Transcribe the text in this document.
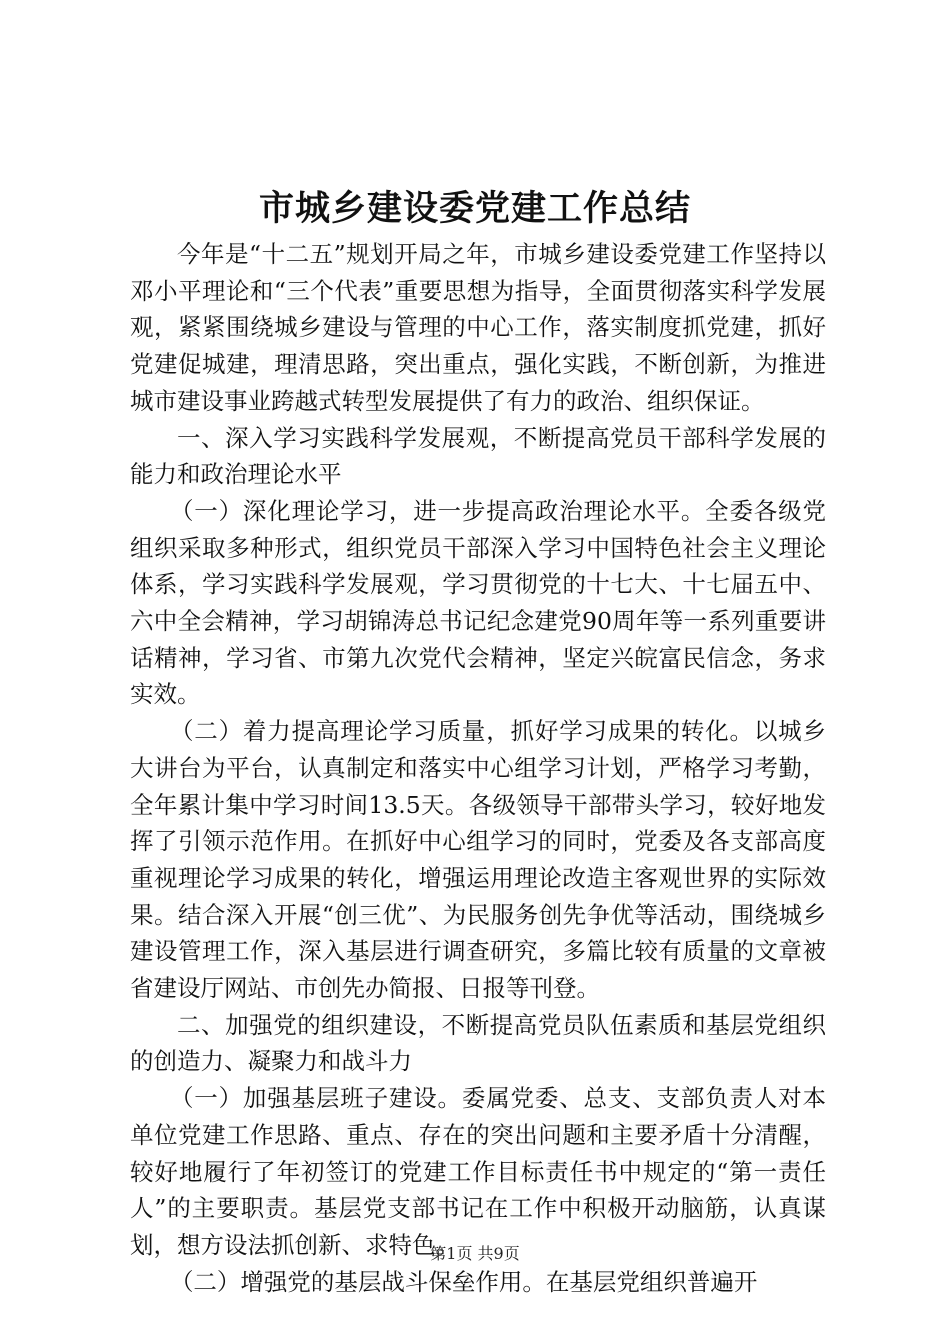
市城乡建设委党建工作总结

今年是“十二五”规划开局之年，市城乡建设委党建工作坚持以邓小平理论和“三个代表”重要思想为指导，全面贯彻落实科学发展观，紧紧围绕城乡建设与管理的中心工作，落实制度抓党建，抓好党建促城建，理清思路，突出重点，强化实践，不断创新，为推进城市建设事业跨越式转型发展提供了有力的政治、组织保证。

一、深入学习实践科学发展观，不断提高党员干部科学发展的能力和政治理论水平

（一）深化理论学习，进一步提高政治理论水平。全委各级党组织采取多种形式，组织党员干部深入学习中国特色社会主义理论体系，学习实践科学发展观，学习贯彻党的十七大、十七届五中、六中全会精神，学习胡锦涛总书记纪念建党90周年等一系列重要讲话精神，学习省、市第九次党代会精神，坚定兴皖富民信念，务求实效。

（二）着力提高理论学习质量，抓好学习成果的转化。以城乡大讲台为平台，认真制定和落实中心组学习计划，严格学习考勤，全年累计集中学习时间13.5天。各级领导干部带头学习，较好地发挥了引领示范作用。在抓好中心组学习的同时，党委及各支部高度重视理论学习成果的转化，增强运用理论改造主客观世界的实际效果。结合深入开展“创三优”、为民服务创先争优等活动，围绕城乡建设管理工作，深入基层进行调查研究，多篇比较有质量的文章被省建设厅网站、市创先办简报、日报等刊登。

二、加强党的组织建设，不断提高党员队伍素质和基层党组织的创造力、凝聚力和战斗力

（一）加强基层班子建设。委属党委、总支、支部负责人对本单位党建工作思路、重点、存在的突出问题和主要矛盾十分清醒，较好地履行了年初签订的党建工作目标责任书中规定的“第一责任人”的主要职责。基层党支部书记在工作中积极开动脑筋，认真谋划，想方设法抓创新、求特色。

（二）增强党的基层战斗保垒作用。在基层党组织普遍开

第1页 共9页
